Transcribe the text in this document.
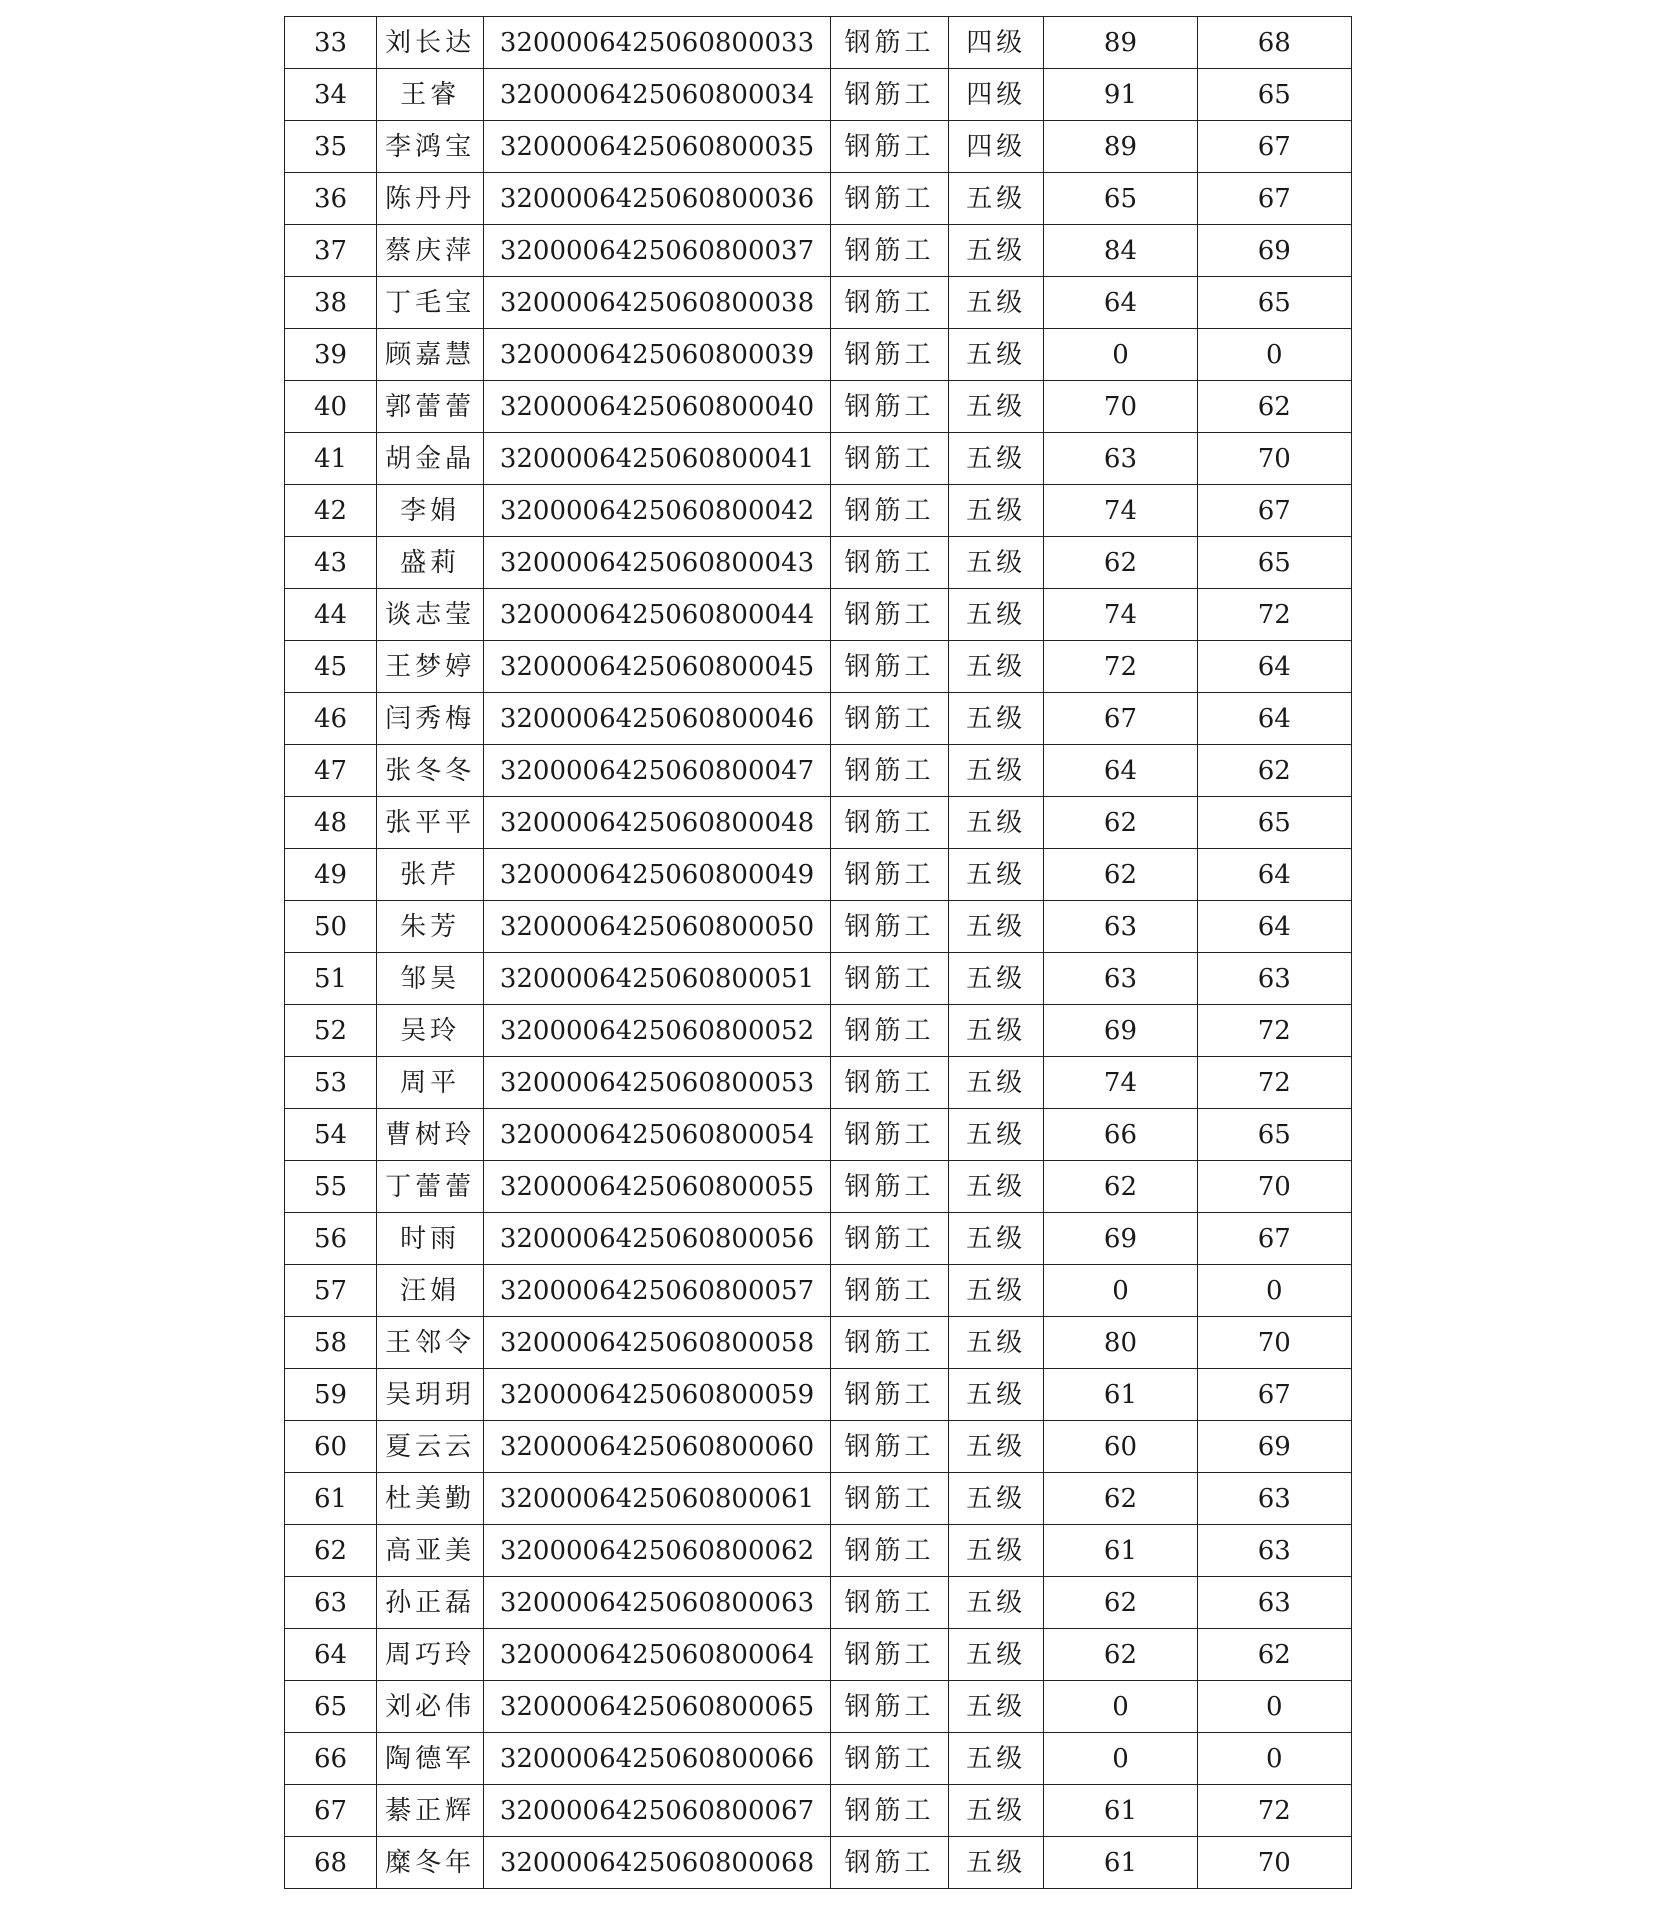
33	刘长达	3200006425060800033	钢筋工	四级	89	68
34	王睿	3200006425060800034	钢筋工	四级	91	65
35	李鸿宝	3200006425060800035	钢筋工	四级	89	67
36	陈丹丹	3200006425060800036	钢筋工	五级	65	67
37	蔡庆萍	3200006425060800037	钢筋工	五级	84	69
38	丁毛宝	3200006425060800038	钢筋工	五级	64	65
39	顾嘉慧	3200006425060800039	钢筋工	五级	0	0
40	郭蕾蕾	3200006425060800040	钢筋工	五级	70	62
41	胡金晶	3200006425060800041	钢筋工	五级	63	70
42	李娟	3200006425060800042	钢筋工	五级	74	67
43	盛莉	3200006425060800043	钢筋工	五级	62	65
44	谈志莹	3200006425060800044	钢筋工	五级	74	72
45	王梦婷	3200006425060800045	钢筋工	五级	72	64
46	闫秀梅	3200006425060800046	钢筋工	五级	67	64
47	张冬冬	3200006425060800047	钢筋工	五级	64	62
48	张平平	3200006425060800048	钢筋工	五级	62	65
49	张芹	3200006425060800049	钢筋工	五级	62	64
50	朱芳	3200006425060800050	钢筋工	五级	63	64
51	邹昊	3200006425060800051	钢筋工	五级	63	63
52	吴玲	3200006425060800052	钢筋工	五级	69	72
53	周平	3200006425060800053	钢筋工	五级	74	72
54	曹树玲	3200006425060800054	钢筋工	五级	66	65
55	丁蕾蕾	3200006425060800055	钢筋工	五级	62	70
56	时雨	3200006425060800056	钢筋工	五级	69	67
57	汪娟	3200006425060800057	钢筋工	五级	0	0
58	王邻令	3200006425060800058	钢筋工	五级	80	70
59	吴玥玥	3200006425060800059	钢筋工	五级	61	67
60	夏云云	3200006425060800060	钢筋工	五级	60	69
61	杜美勤	3200006425060800061	钢筋工	五级	62	63
62	高亚美	3200006425060800062	钢筋工	五级	61	63
63	孙正磊	3200006425060800063	钢筋工	五级	62	63
64	周巧玲	3200006425060800064	钢筋工	五级	62	62
65	刘必伟	3200006425060800065	钢筋工	五级	0	0
66	陶德军	3200006425060800066	钢筋工	五级	0	0
67	綦正辉	3200006425060800067	钢筋工	五级	61	72
68	糜冬年	3200006425060800068	钢筋工	五级	61	70
